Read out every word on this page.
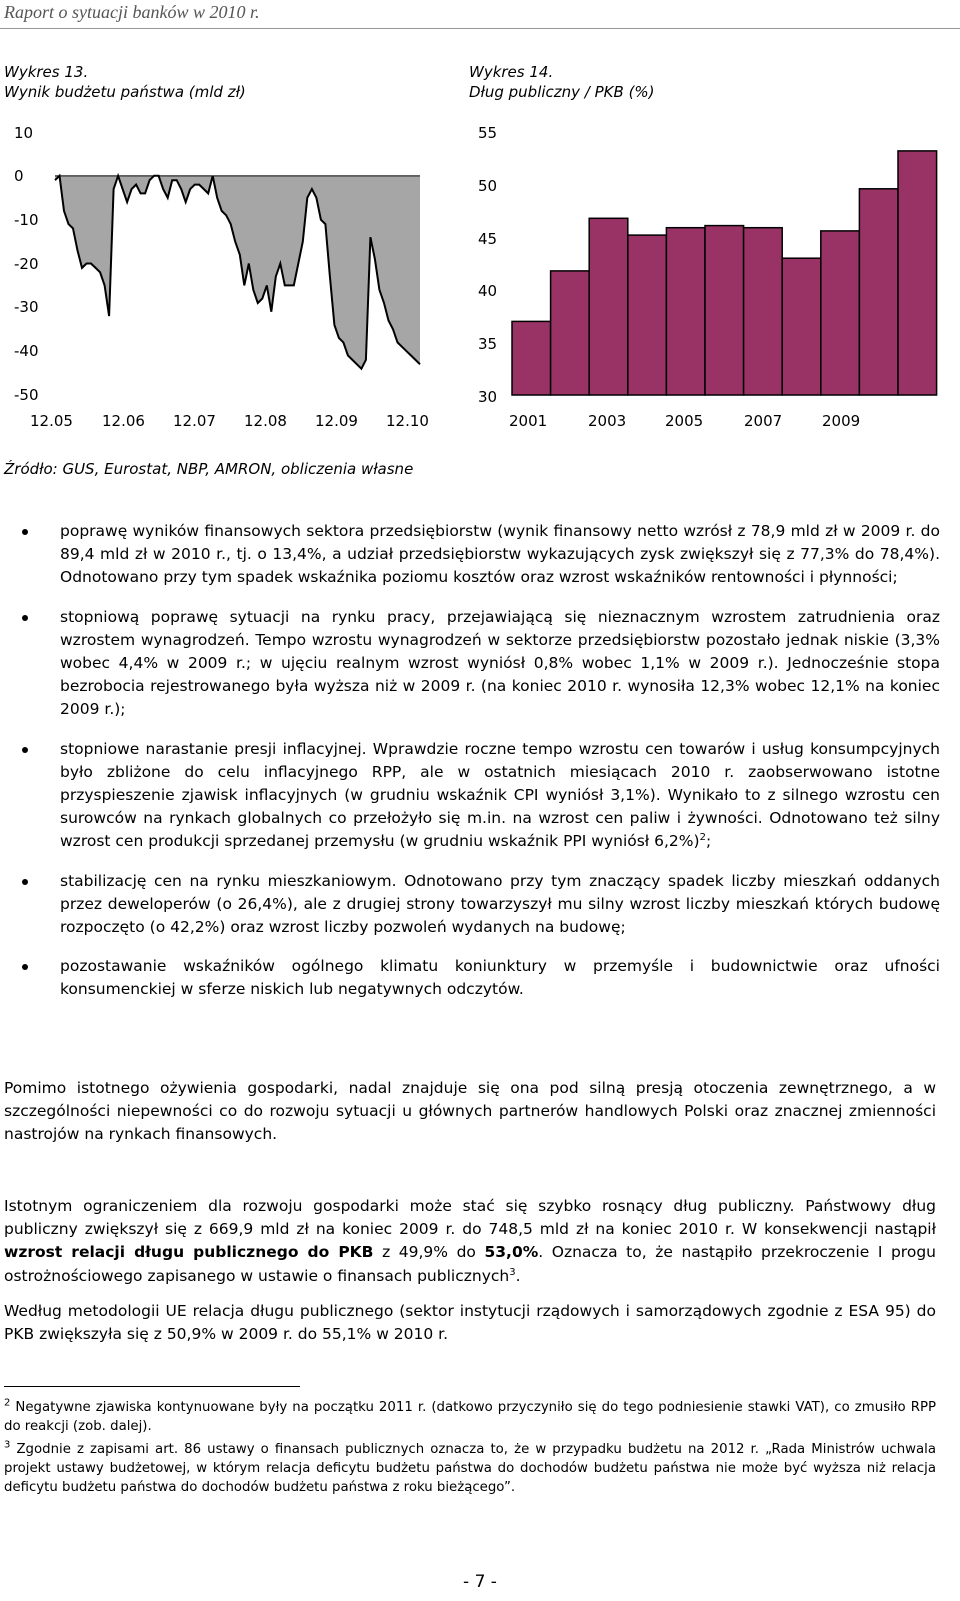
Raport o sytuacji banków w 2010 r.
Wykres 13.
Wynik budżetu państwa (mld zł)
10
0
-10
-20
-30
-40
-50
12.05 12.06 12.07 12.08 12.09 12.10
Wykres 14.
Dług publiczny / PKB (%)
55
50
45
40
35
30
2001	2003	2005	2007	2009
Źródło: GUS, Eurostat, NBP, AMRON, obliczenia własne
poprawę wyników finansowych sektora przedsiębiorstw (wynik finansowy netto wzrósł z 78,9 mld zł w 2009 r. do 89,4 mld zł w 2010 r., tj. o 13,4%, a udział przedsiębiorstw wykazujących zysk zwiększył się z 77,3% do 78,4%). Odnotowano przy tym spadek wskaźnika poziomu kosztów oraz wzrost wskaźników rentowności i płynności;
stopniową poprawę sytuacji na rynku pracy, przejawiającą się nieznacznym wzrostem zatrudnienia oraz wzrostem wynagrodzeń. Tempo wzrostu wynagrodzeń w sektorze przedsiębiorstw pozostało jednak niskie (3,3% wobec 4,4% w 2009 r.; w ujęciu realnym wzrost wyniósł 0,8% wobec 1,1% w 2009 r.). Jednocześnie stopa bezrobocia rejestrowanego była wyższa niż w 2009 r. (na koniec 2010 r. wynosiła 12,3% wobec 12,1% na koniec 2009 r.);
stopniowe narastanie presji inflacyjnej. Wprawdzie roczne tempo wzrostu cen towarów i usług konsumpcyjnych było zbliżone do celu inflacyjnego RPP, ale w ostatnich miesiącach 2010 r. zaobserwowano istotne przyspieszenie zjawisk inflacyjnych (w grudniu wskaźnik CPI wyniósł 3,1%). Wynikało to z silnego wzrostu cen surowców na rynkach globalnych co przełożyło się m.in. na wzrost cen paliw i żywności. Odnotowano też silny wzrost cen produkcji sprzedanej przemysłu (w grudniu wskaźnik PPI wyniósł 6,2%)$^2$;
stabilizację cen na rynku mieszkaniowym. Odnotowano przy tym znaczący spadek liczby mieszkań oddanych przez deweloperów (o 26,4%), ale z drugiej strony towarzyszył mu silny wzrost liczby mieszkań których budowę rozpoczęto (o 42,2%) oraz wzrost liczby pozwoleń wydanych na budowę;
pozostawanie wskaźników ogólnego klimatu koniunktury w przemyśle i budownictwie oraz ufności konsumenckiej w sferze niskich lub negatywnych odczytów.

Pomimo istotnego ożywienia gospodarki, nadal znajduje się ona pod silną presją otoczenia zewnętrznego, a w szczególności niepewności co do rozwoju sytuacji u głównych partnerów handlowych Polski oraz znacznej zmienności nastrojów na rynkach finansowych.

Istotnym ograniczeniem dla rozwoju gospodarki może stać się szybko rosnący dług publiczny. Państwowy dług publiczny zwiększył się z 669,9 mld zł na koniec 2009 r. do 748,5 mld zł na koniec 2010 r. W konsekwencji nastąpił wzrost relacji długu publicznego do PKB z 49,9% do 53,0%. Oznacza to, że nastąpiło przekroczenie I progu ostrożnościowego zapisanego w ustawie o finansach publicznych$^3$.

Według metodologii UE relacja długu publicznego (sektor instytucji rządowych i samorządowych zgodnie z ESA 95) do PKB zwiększyła się z 50,9% w 2009 r. do 55,1% w 2010 r.

$^2$ Negatywne zjawiska kontynuowane były na początku 2011 r. (datkowo przyczyniło się do tego podniesienie stawki VAT), co zmusiło RPP do reakcji (zob. dalej).

$^3$ Zgodnie z zapisami art. 86 ustawy o finansach publicznych oznacza to, że w przypadku budżetu na 2012 r. „Rada Ministrów uchwala projekt ustawy budżetowej, w którym relacja deficytu budżetu państwa do dochodów budżetu państwa nie może być wyższa niż relacja deficytu budżetu państwa do dochodów budżetu państwa z roku bieżącego”.

- 7 -
